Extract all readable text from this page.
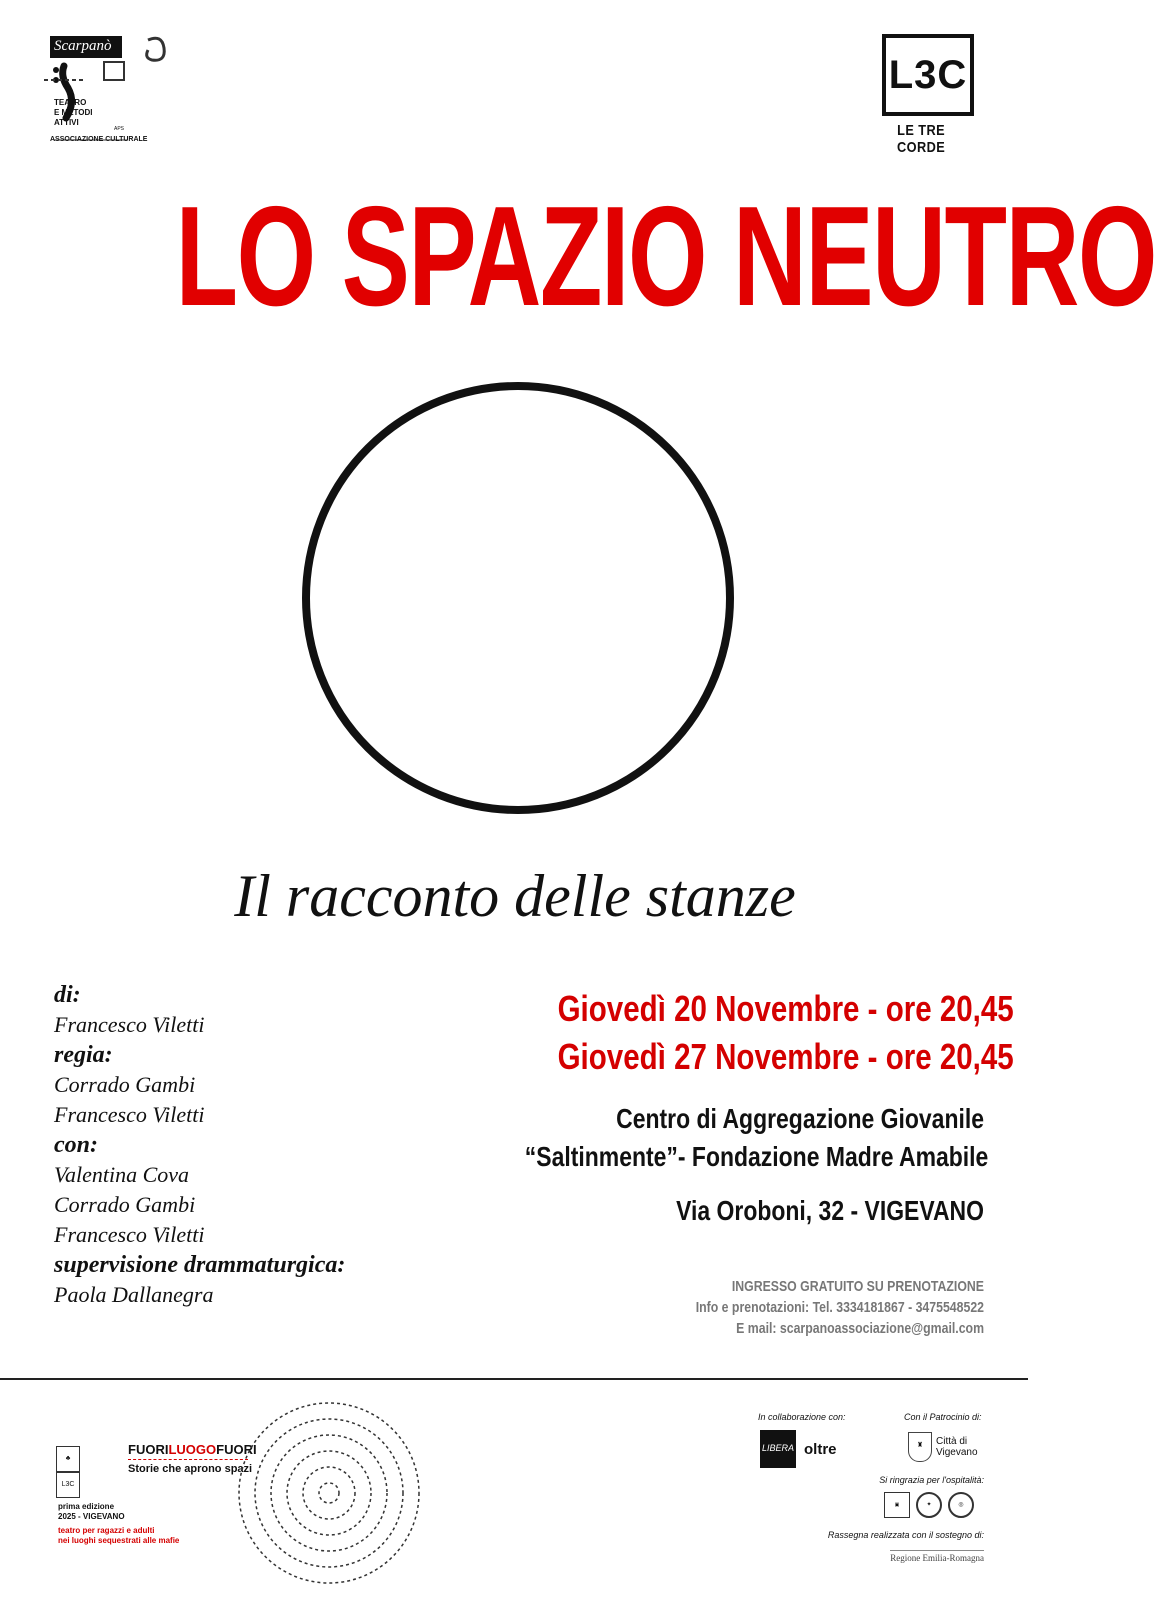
Scarpanò
TEATRO
E METODI
ATTIVI
APS
ASSOCIAZIONE CULTURALE
L3C
LE TRE CORDE
LO SPAZIO NEUTRO
Il racconto delle stanze
di:
Francesco Viletti
regia:
Corrado Gambi
Francesco Viletti
con:
Valentina Cova
Corrado Gambi
Francesco Viletti
supervisione drammaturgica:
Paola Dallanegra
Giovedì 20 Novembre - ore 20,45
Giovedì 27 Novembre - ore 20,45
Centro di Aggregazione Giovanile
“Saltinmente”- Fondazione Madre Amabile
Via Oroboni, 32 - VIGEVANO
INGRESSO GRATUITO SU PRENOTAZIONE
Info e prenotazioni: Tel. 3334181867 - 3475548522
E mail: scarpanoassociazione@gmail.com
♣L3C
FUORILUOGOFUORI
Storie che aprono spazi
prima edizione
2025 - VIGEVANO
teatro per ragazzi e adulti
nei luoghi sequestrati alle mafie
In collaborazione con:	Con il Patrocinio di:
LIBERA oltre	♜ Città di
Vigevano
Si ringrazia per l'ospitalità:
▣	✦	◎
Rassegna realizzata con il sostegno di:
Regione Emilia-Romagna
